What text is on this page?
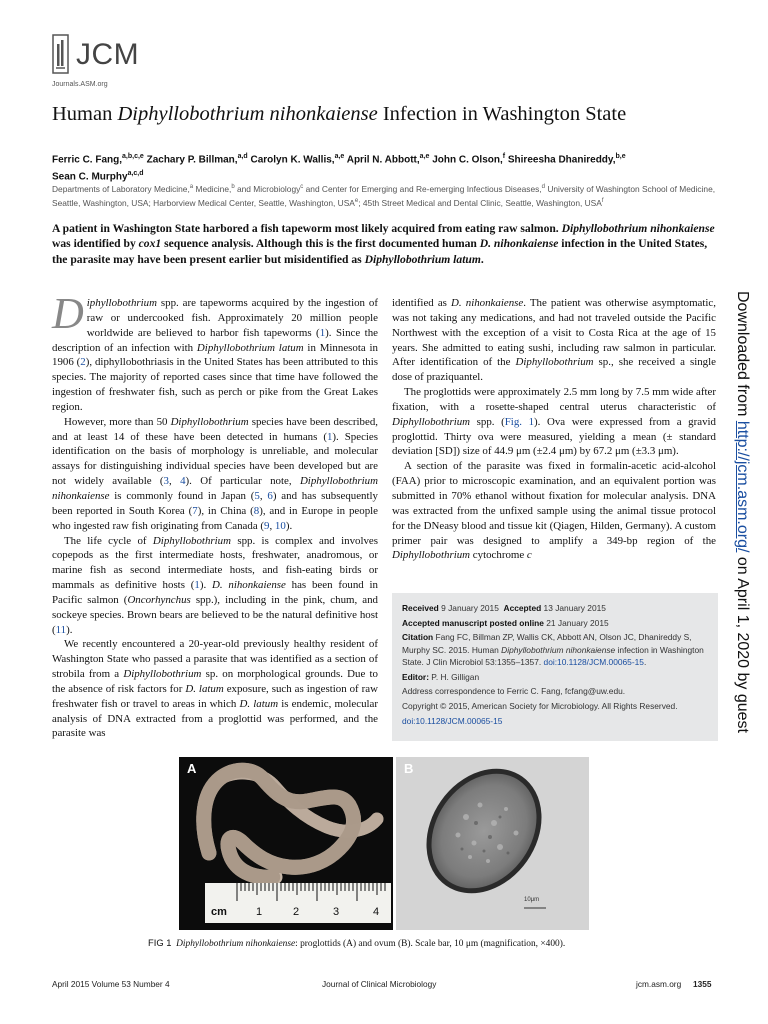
JCM
Journals.ASM.org
Human Diphyllobothrium nihonkaiense Infection in Washington State
Ferric C. Fang,$^{a,b,c,e}$ Zachary P. Billman,$^{a,d}$ Carolyn K. Wallis,$^{a,e}$ April N. Abbott,$^{a,e}$ John C. Olson,$^f$ Shireesha Dhanireddy,$^{b,e}$
Sean C. Murphy$^{a,c,d}$
Departments of Laboratory Medicine,$^a$ Medicine,$^b$ and Microbiology$^c$ and Center for Emerging and Re-emerging Infectious Diseases,$^d$ University of Washington School of Medicine, Seattle, Washington, USA; Harborview Medical Center, Seattle, Washington, USA$^e$; 45th Street Medical and Dental Clinic, Seattle, Washington, USA$^f$
A patient in Washington State harbored a fish tapeworm most likely acquired from eating raw salmon. Diphyllobothrium nihonkaiense was identified by cox1 sequence analysis. Although this is the first documented human D. nihonkaiense infection in the United States, the parasite may have been present earlier but misidentified as Diphyllobothrium latum.

Diphyllobothrium spp. are tapeworms acquired by the ingestion of raw or undercooked fish. Approximately 20 million people worldwide are believed to harbor fish tapeworms (1). Since the description of an infection with Diphyllobothrium latum in Minnesota in 1906 (2), diphyllobothriasis in the United States has been attributed to this species. The majority of reported cases since that time have followed the ingestion of freshwater fish, such as perch or pike from the Great Lakes region.

However, more than 50 Diphyllobothrium species have been described, and at least 14 of these have been detected in humans (1). Species identification on the basis of morphology is unreliable, and molecular assays for distinguishing individual species have been developed but are not widely available (3, 4). Of particular note, Diphyllobothrium nihonkaiense is commonly found in Japan (5, 6) and has subsequently been reported in South Korea (7), in China (8), and in Europe in people who ingested raw fish originating from Canada (9, 10).

The life cycle of Diphyllobothrium spp. is complex and involves copepods as the first intermediate hosts, freshwater, anadromous, or marine fish as second intermediate hosts, and fish-eating birds or mammals as definitive hosts (1). D. nihonkaiense has been found in Pacific salmon (Oncorhynchus spp.), including in the pink, chum, and sockeye species. Brown bears are believed to be the natural definitive host (11).

We recently encountered a 20-year-old previously healthy resident of Washington State who passed a parasite that was identified as a section of strobila from a Diphyllobothrium sp. on morphological grounds. Due to the absence of risk factors for D. latum exposure, such as ingestion of raw freshwater fish or travel to areas in which D. latum is endemic, molecular analysis of DNA extracted from a proglottid was performed, and the parasite was

identified as D. nihonkaiense. The patient was otherwise asymptomatic, was not taking any medications, and had not traveled outside the Pacific Northwest with the exception of a visit to Costa Rica at the age of 15 years. She admitted to eating sushi, including raw salmon in particular. After identification of the Diphyllobothrium sp., she received a single dose of praziquantel.

The proglottids were approximately 2.5 mm long by 7.5 mm wide after fixation, with a rosette-shaped central uterus characteristic of Diphyllobothrium spp. (Fig. 1). Ova were expressed from a gravid proglottid. Thirty ova were measured, yielding a mean (± standard deviation [SD]) size of 44.9 μm (±2.4 μm) by 67.2 μm (±3.3 μm).

A section of the parasite was fixed in formalin-acetic acid-alcohol (FAA) prior to microscopic examination, and an equivalent portion was submitted in 70% ethanol without fixation for molecular analysis. DNA was extracted from the unfixed sample using the animal tissue protocol for the DNeasy blood and tissue kit (Qiagen, Hilden, Germany). A custom primer pair was designed to amplify a 349-bp region of the Diphyllobothrium cytochrome c

Received 9 January 2015 Accepted 13 January 2015
Accepted manuscript posted online 21 January 2015
Citation Fang FC, Billman ZP, Wallis CK, Abbott AN, Olson JC, Dhanireddy S, Murphy SC. 2015. Human Diphyllobothrium nihonkaiense infection in Washington State. J Clin Microbiol 53:1355–1357. doi:10.1128/JCM.00065-15.
Editor: P. H. Gilligan
Address correspondence to Ferric C. Fang, fcfang@uw.edu.
Copyright © 2015, American Society for Microbiology. All Rights Reserved.
doi:10.1128/JCM.00065-15
A
cm	1	2	3	4
B
10μm
FIG 1 Diphyllobothrium nihonkaiense: proglottids (A) and ovum (B). Scale bar, 10 μm (magnification, ×400).
April 2015 Volume 53 Number 4	Journal of Clinical Microbiology	jcm.asm.org 1355
Downloaded from http://jcm.asm.org/ on April 1, 2020 by guest
